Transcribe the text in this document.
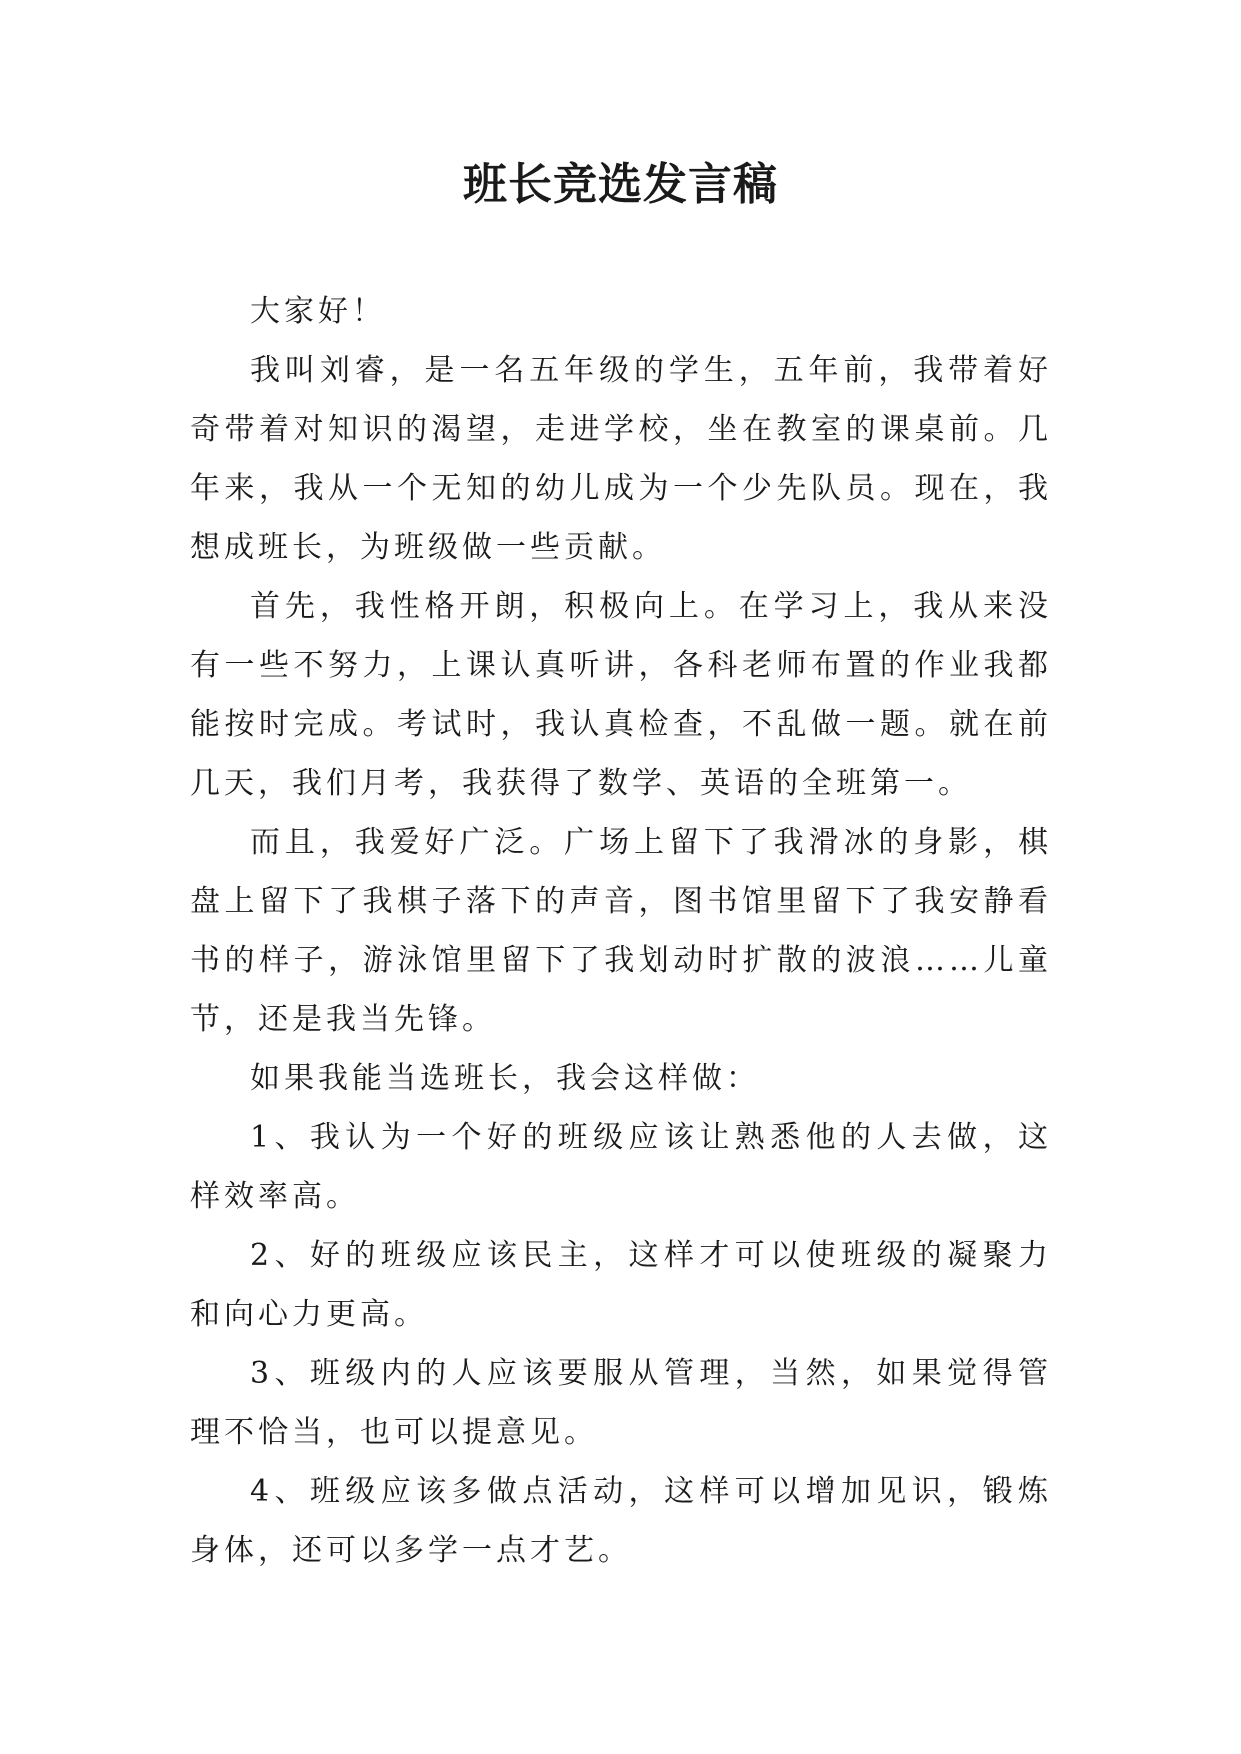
班长竞选发言稿

大家好！

我叫刘睿，是一名五年级的学生，五年前，我带着好奇带着对知识的渴望，走进学校，坐在教室的课桌前。几年来，我从一个无知的幼儿成为一个少先队员。现在，我想成班长，为班级做一些贡献。

首先，我性格开朗，积极向上。在学习上，我从来没有一些不努力，上课认真听讲，各科老师布置的作业我都能按时完成。考试时，我认真检查，不乱做一题。就在前几天，我们月考，我获得了数学、英语的全班第一。

而且，我爱好广泛。广场上留下了我滑冰的身影，棋盘上留下了我棋子落下的声音，图书馆里留下了我安静看书的样子，游泳馆里留下了我划动时扩散的波浪……儿童节，还是我当先锋。

如果我能当选班长，我会这样做：

1、我认为一个好的班级应该让熟悉他的人去做，这样效率高。

2、好的班级应该民主，这样才可以使班级的凝聚力和向心力更高。

3、班级内的人应该要服从管理，当然，如果觉得管理不恰当，也可以提意见。

4、班级应该多做点活动，这样可以增加见识，锻炼身体，还可以多学一点才艺。
